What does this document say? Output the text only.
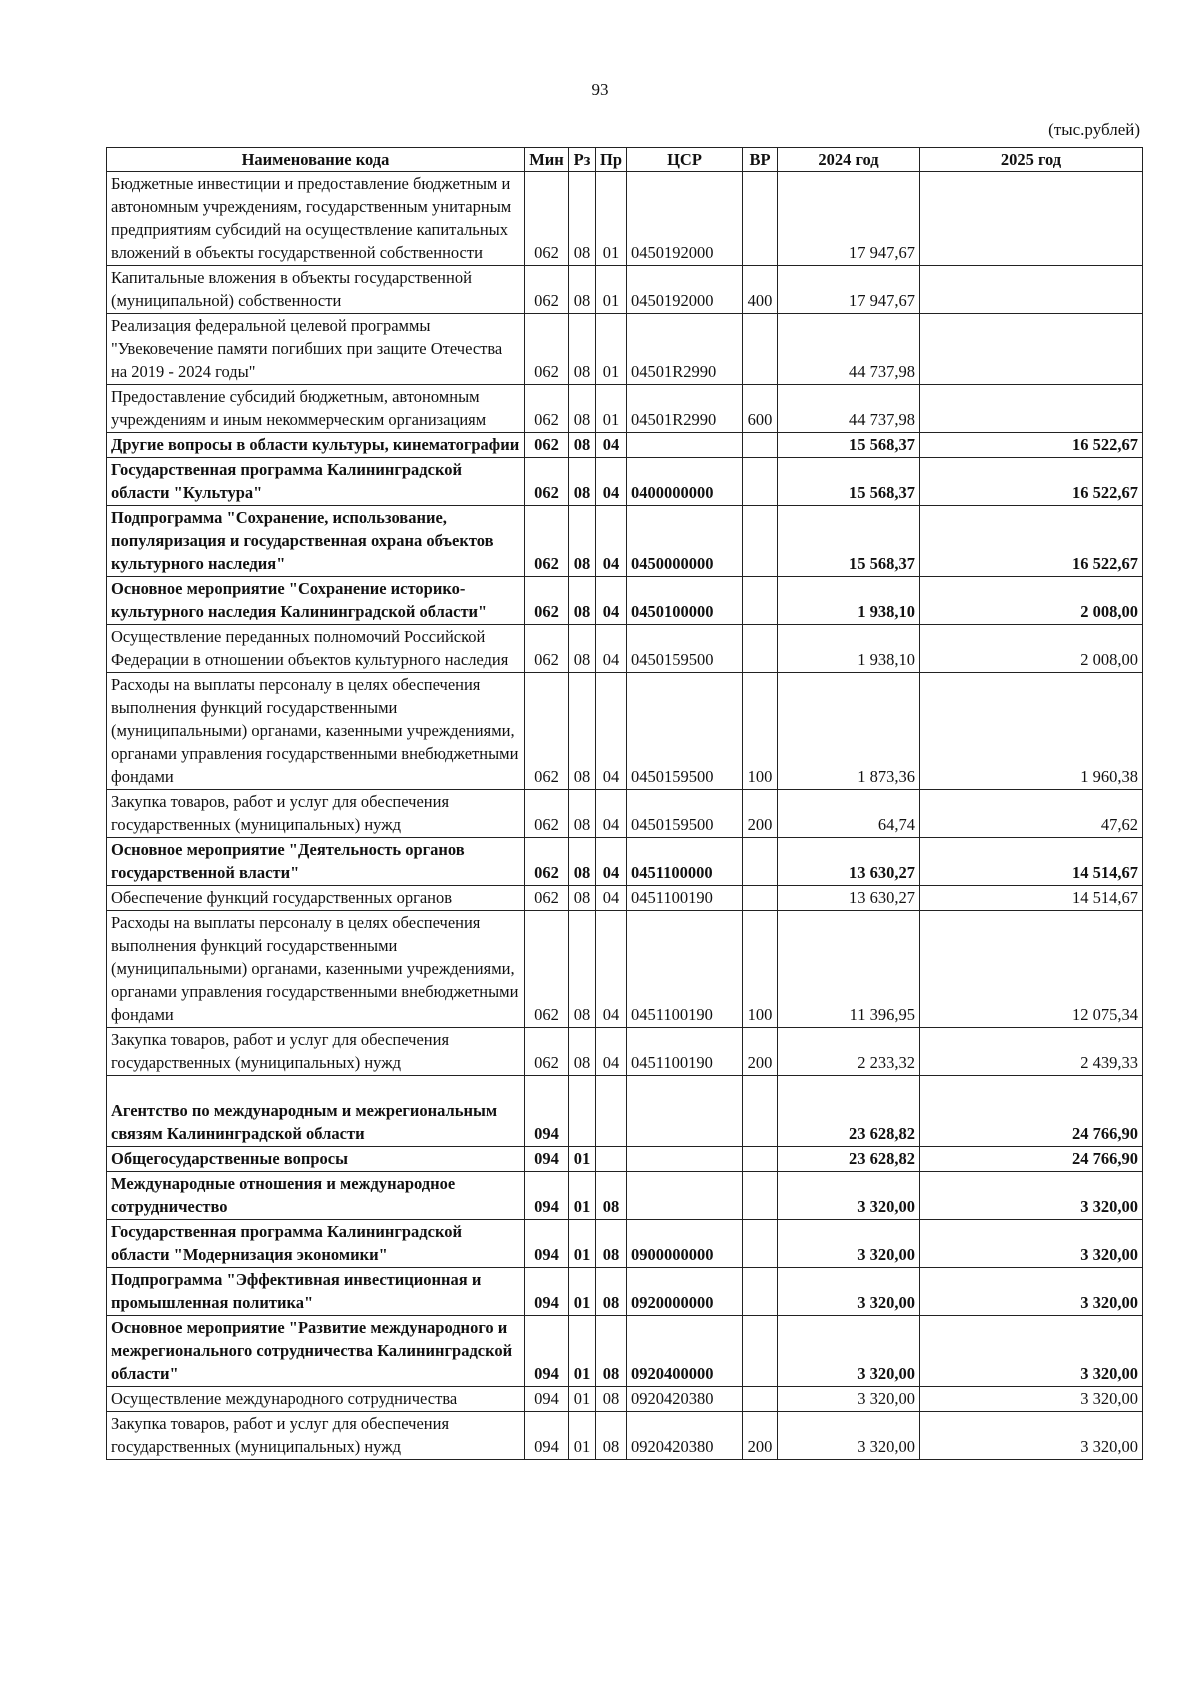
93
(тыс.рублей)
Наименование кода	Мин	Рз	Пр	ЦСР	ВР	2024 год	2025 год
Бюджетные инвестиции и предоставление бюджетным и автономным учреждениям, государственным унитарным предприятиям субсидий на осуществление капитальных вложений в объекты государственной собственности	062	08	01	0450192000		17 947,67	
Капитальные вложения в объекты государственной (муниципальной) собственности	062	08	01	0450192000	400	17 947,67	
Реализация федеральной целевой программы "Увековечение памяти погибших при защите Отечества на 2019 - 2024 годы"	062	08	01	04501R2990		44 737,98	
Предоставление субсидий бюджетным, автономным учреждениям и иным некоммерческим организациям	062	08	01	04501R2990	600	44 737,98	
Другие вопросы в области культуры, кинематографии	062	08	04			15 568,37	16 522,67
Государственная программа Калининградской области "Культура"	062	08	04	0400000000		15 568,37	16 522,67
Подпрограмма "Сохранение, использование, популяризация и государственная охрана объектов культурного наследия"	062	08	04	0450000000		15 568,37	16 522,67
Основное мероприятие "Сохранение историко-культурного наследия Калининградской области"	062	08	04	0450100000		1 938,10	2 008,00
Осуществление переданных полномочий Российской Федерации в отношении объектов культурного наследия	062	08	04	0450159500		1 938,10	2 008,00
Расходы на выплаты персоналу в целях обеспечения выполнения функций государственными (муниципальными) органами, казенными учреждениями, органами управления государственными внебюджетными фондами	062	08	04	0450159500	100	1 873,36	1 960,38
Закупка товаров, работ и услуг для обеспечения государственных (муниципальных) нужд	062	08	04	0450159500	200	64,74	47,62
Основное мероприятие "Деятельность органов государственной власти"	062	08	04	0451100000		13 630,27	14 514,67
Обеспечение функций государственных органов	062	08	04	0451100190		13 630,27	14 514,67
Расходы на выплаты персоналу в целях обеспечения выполнения функций государственными (муниципальными) органами, казенными учреждениями, органами управления государственными внебюджетными фондами	062	08	04	0451100190	100	11 396,95	12 075,34
Закупка товаров, работ и услуг для обеспечения государственных (муниципальных) нужд	062	08	04	0451100190	200	2 233,32	2 439,33
Агентство по международным и межрегиональным связям Калининградской области	094					23 628,82	24 766,90
Общегосударственные вопросы	094	01				23 628,82	24 766,90
Международные отношения и международное сотрудничество	094	01	08			3 320,00	3 320,00
Государственная программа Калининградской области "Модернизация экономики"	094	01	08	0900000000		3 320,00	3 320,00
Подпрограмма "Эффективная инвестиционная и промышленная политика"	094	01	08	0920000000		3 320,00	3 320,00
Основное мероприятие "Развитие международного и межрегионального сотрудничества Калининградской области"	094	01	08	0920400000		3 320,00	3 320,00
Осуществление международного сотрудничества	094	01	08	0920420380		3 320,00	3 320,00
Закупка товаров, работ и услуг для обеспечения государственных (муниципальных) нужд	094	01	08	0920420380	200	3 320,00	3 320,00
